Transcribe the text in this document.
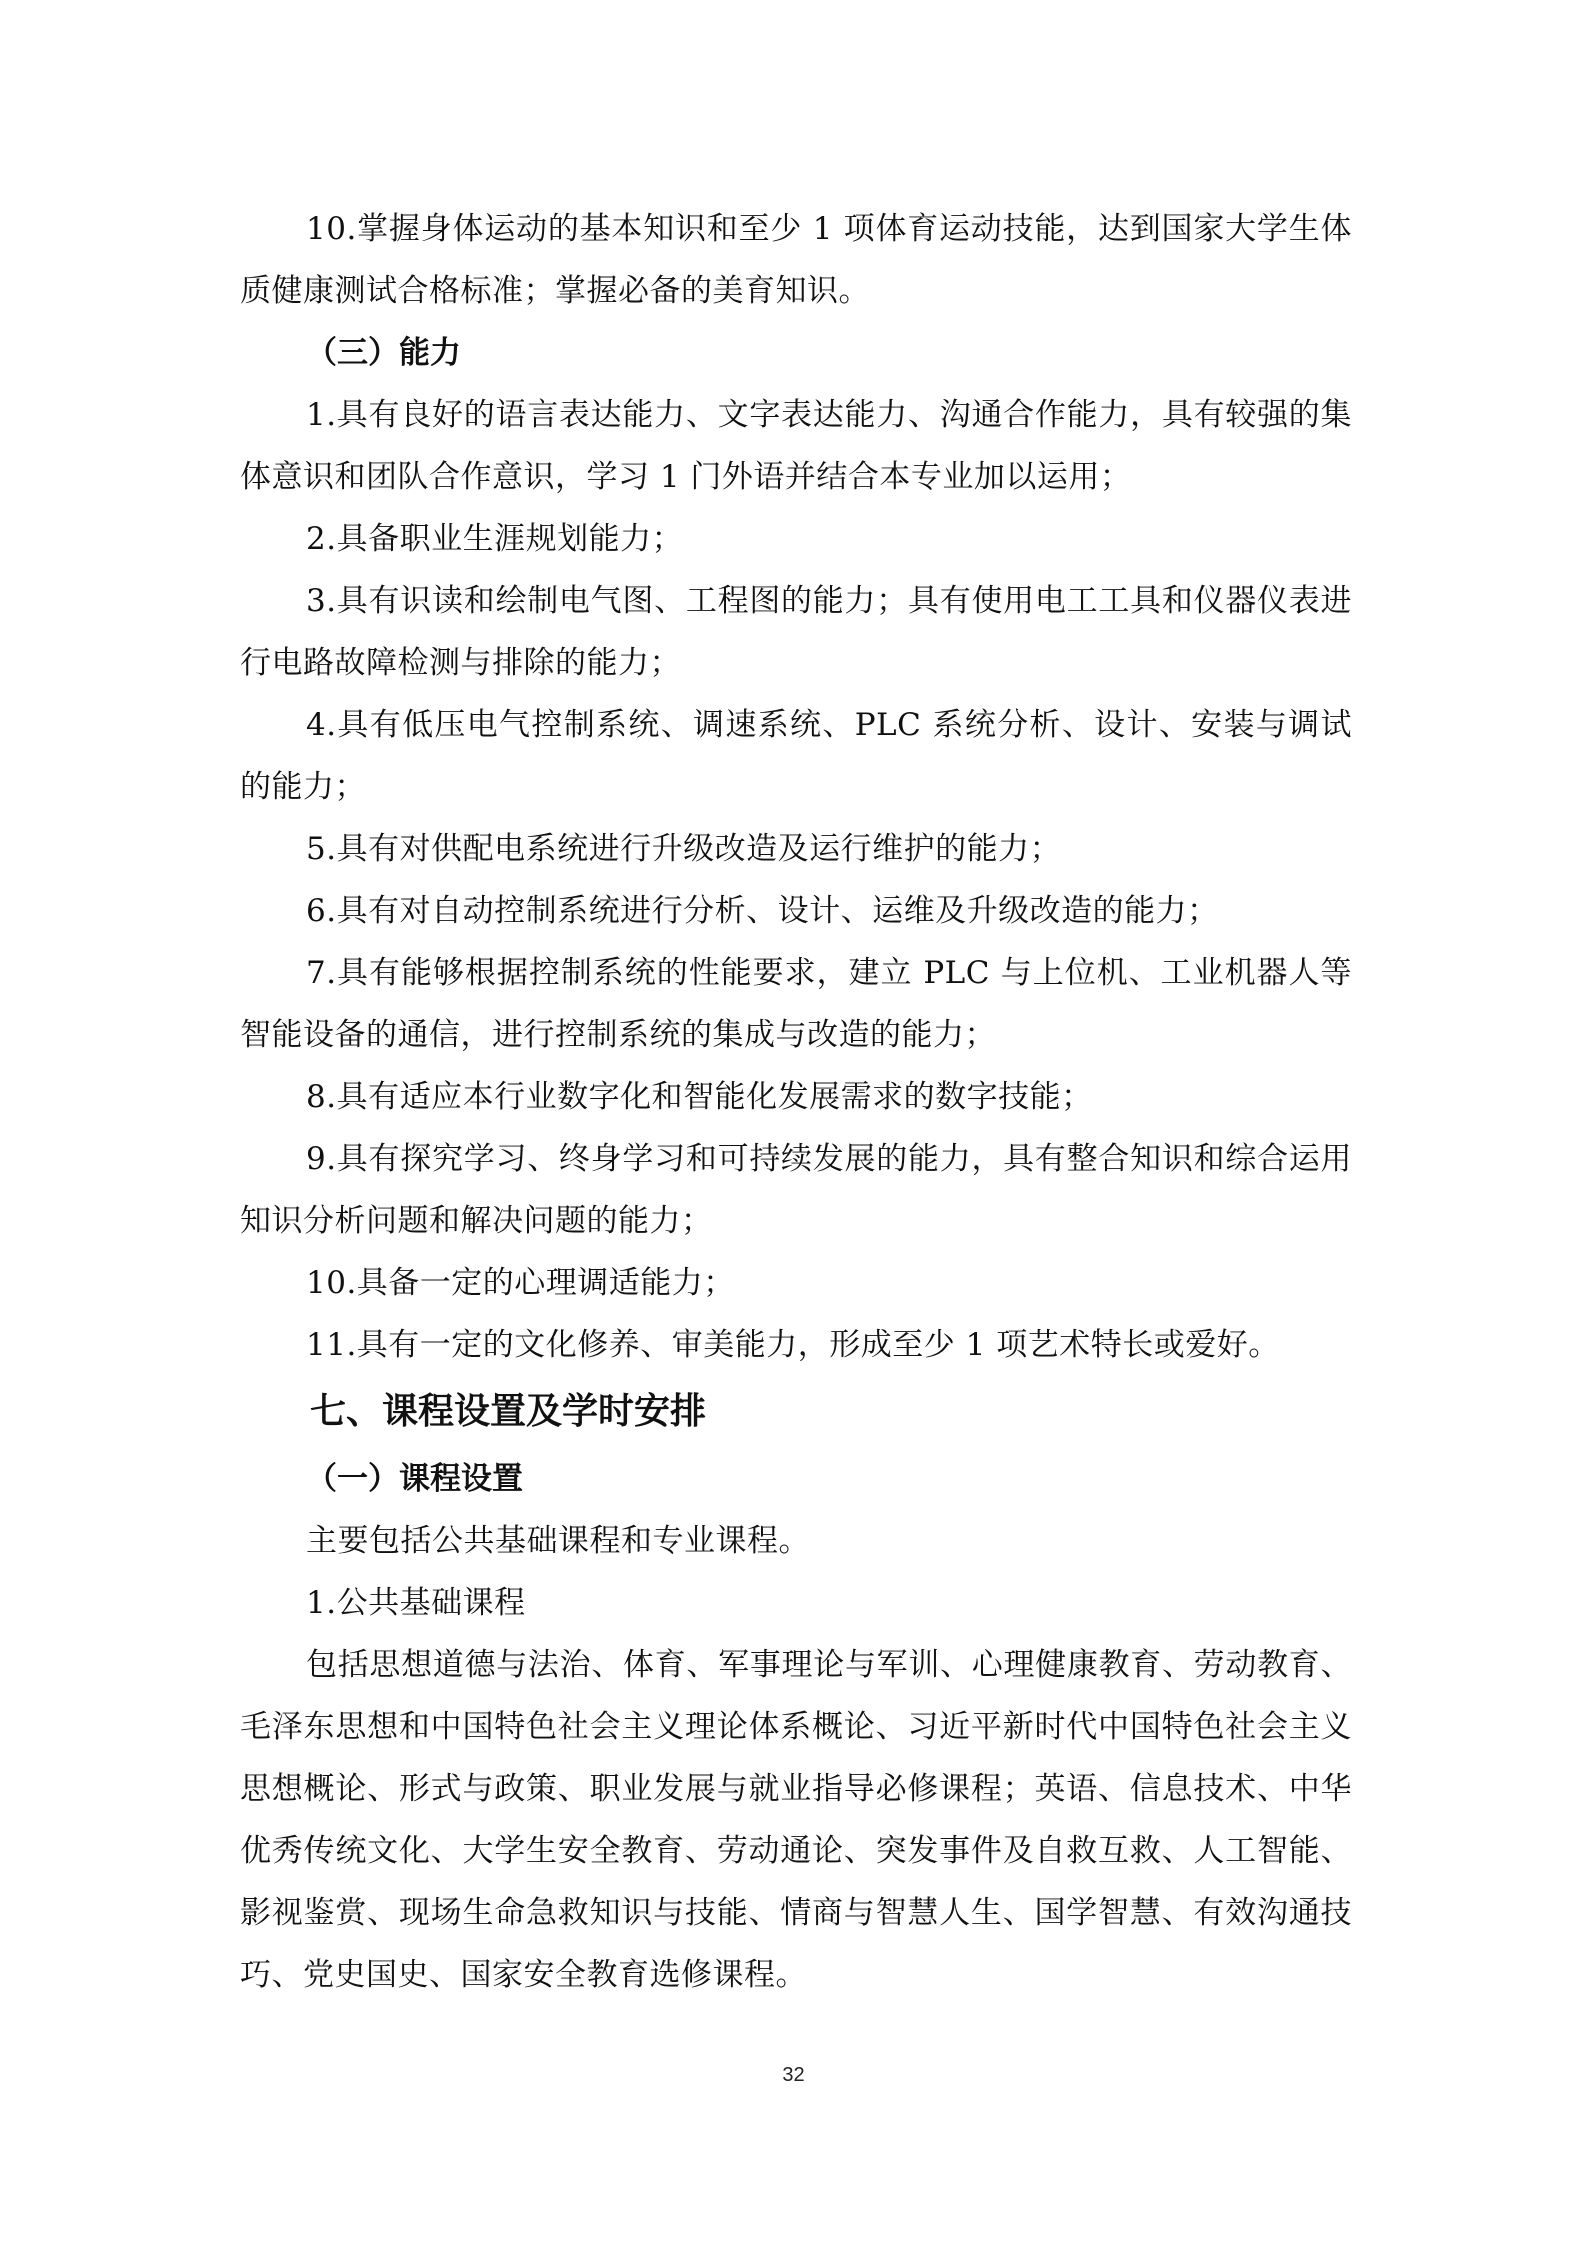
10.掌握身体运动的基本知识和至少 1 项体育运动技能，达到国家大学生体质健康测试合格标准；掌握必备的美育知识。

（三）能力

1.具有良好的语言表达能力、文字表达能力、沟通合作能力，具有较强的集体意识和团队合作意识，学习 1 门外语并结合本专业加以运用；

2.具备职业生涯规划能力；

3.具有识读和绘制电气图、工程图的能力；具有使用电工工具和仪器仪表进行电路故障检测与排除的能力；

4.具有低压电气控制系统、调速系统、PLC 系统分析、设计、安装与调试的能力；

5.具有对供配电系统进行升级改造及运行维护的能力；

6.具有对自动控制系统进行分析、设计、运维及升级改造的能力；

7.具有能够根据控制系统的性能要求，建立 PLC 与上位机、工业机器人等智能设备的通信，进行控制系统的集成与改造的能力；

8.具有适应本行业数字化和智能化发展需求的数字技能；

9.具有探究学习、终身学习和可持续发展的能力，具有整合知识和综合运用知识分析问题和解决问题的能力；

10.具备一定的心理调适能力；

11.具有一定的文化修养、审美能力，形成至少 1 项艺术特长或爱好。

七、课程设置及学时安排
（一）课程设置

主要包括公共基础课程和专业课程。

1.公共基础课程

包括思想道德与法治、体育、军事理论与军训、心理健康教育、劳动教育、毛泽东思想和中国特色社会主义理论体系概论、习近平新时代中国特色社会主义思想概论、形式与政策、职业发展与就业指导必修课程；英语、信息技术、中华优秀传统文化、大学生安全教育、劳动通论、突发事件及自救互救、人工智能、影视鉴赏、现场生命急救知识与技能、情商与智慧人生、国学智慧、有效沟通技巧、党史国史、国家安全教育选修课程。

32
